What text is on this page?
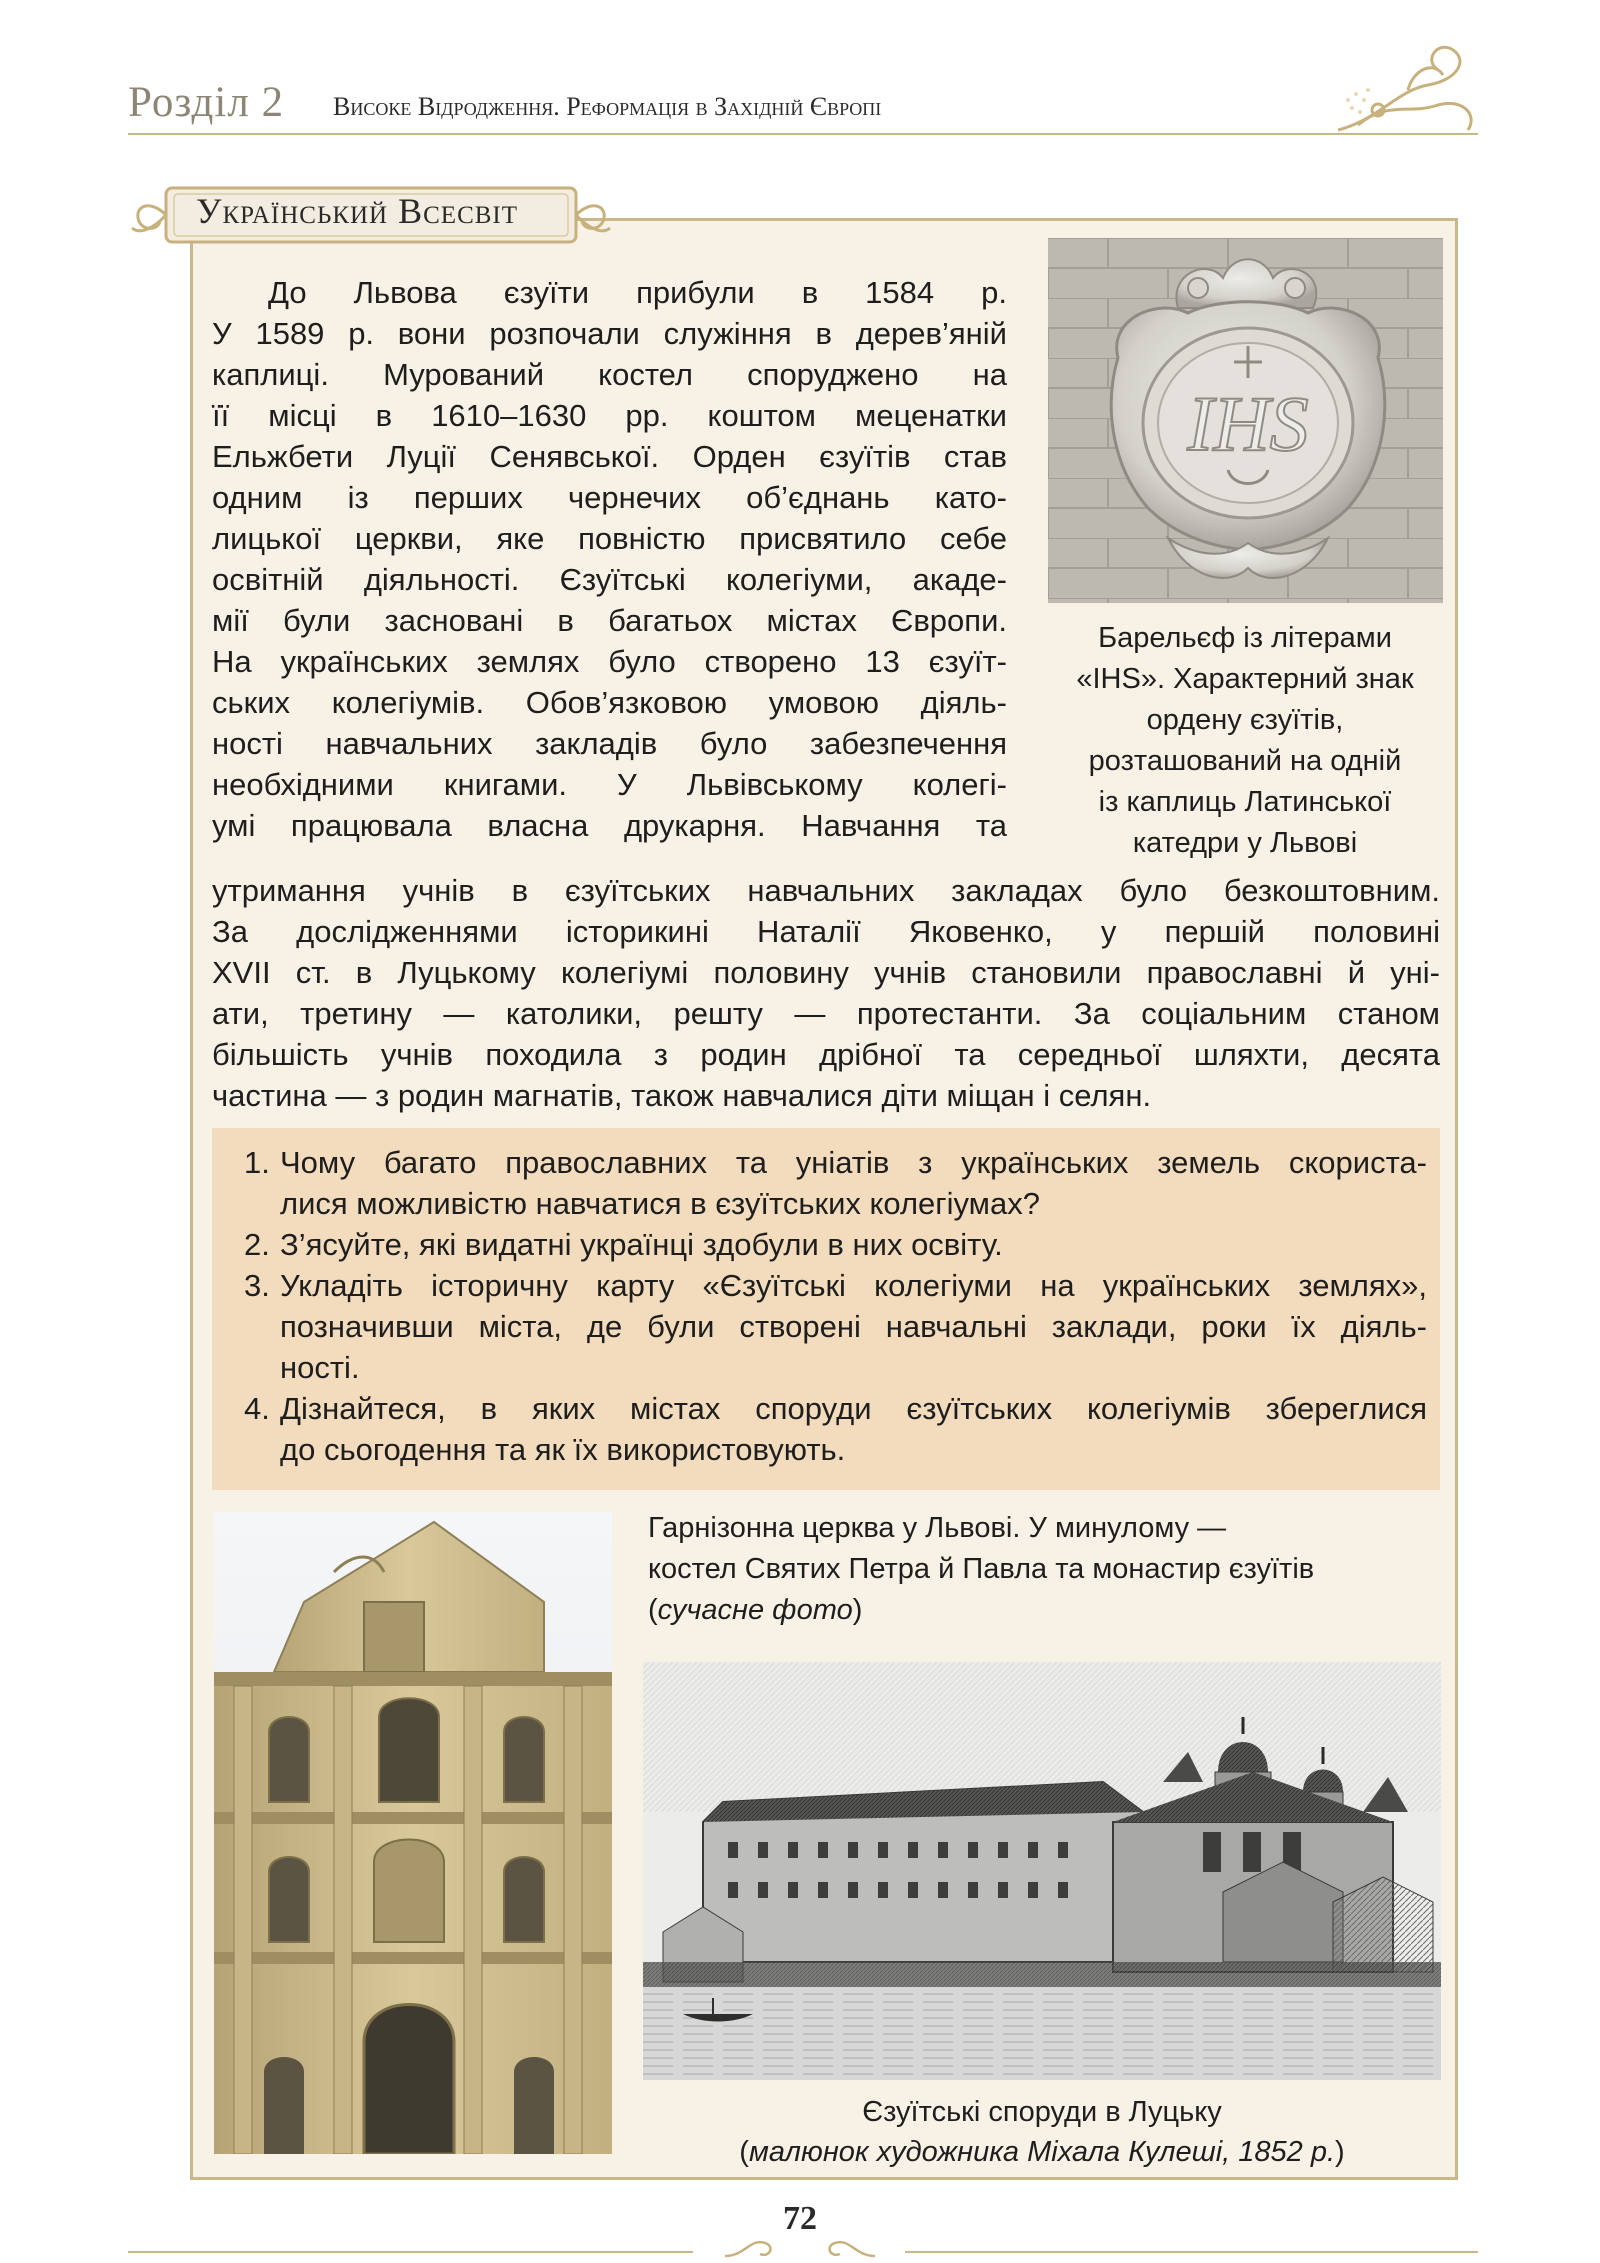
Розділ 2 Високе Відродження. Реформація в Західній Європі
Український Всесвіт
До Львова єзуїти прибули в 1584 р.
У 1589 р. вони розпочали служіння в дерев’яній
каплиці. Мурований костел споруджено на
її місці в 1610–1630 рр. коштом меценатки
Ельжбети Луції Сенявської. Орден єзуїтів став
одним із перших чернечих об’єднань като-
лицької церкви, яке повністю присвятило себе
освітній діяльності. Єзуїтські колегіуми, акаде-
мії були засновані в багатьох містах Європи.
На українських землях було створено 13 єзуїт-
ських колегіумів. Обов’язковою умовою діяль-
ності навчальних закладів було забезпечення
необхідними книгами. У Львівському колегі-
умі працювала власна друкарня. Навчання та
утримання учнів в єзуїтських навчальних закладах було безкоштовним.
За дослідженнями історикині Наталії Яковенко, у першій половині
XVII ст. в Луцькому колегіумі половину учнів становили православні й уні-
ати, третину — католики, решту — протестанти. За соціальним станом
більшість учнів походила з родин дрібної та середньої шляхти, десята
частина — з родин магнатів, також навчалися діти міщан і селян.
IHS
Барельєф із літерами
«IHS». Характерний знак
ордену єзуїтів,
розташований на одній
із каплиць Латинської
катедри у Львові
1. Чому багато православних та уніатів з українських земель скориста-
лися можливістю навчатися в єзуїтських колегіумах?
2. З’ясуйте, які видатні українці здобули в них освіту.
3. Укладіть історичну карту «Єзуїтські колегіуми на українських землях»,
позначивши міста, де були створені навчальні заклади, роки їх діяль-
ності.
4. Дізнайтеся, в яких містах споруди єзуїтських колегіумів збереглися
до сьогодення та як їх використовують.
Гарнізонна церква у Львові. У минулому —
костел Святих Петра й Павла та монастир єзуїтів
(сучасне фото)
Єзуїтські споруди в Луцьку
(малюнок художника Міхала Кулеші, 1852 р.)
72
